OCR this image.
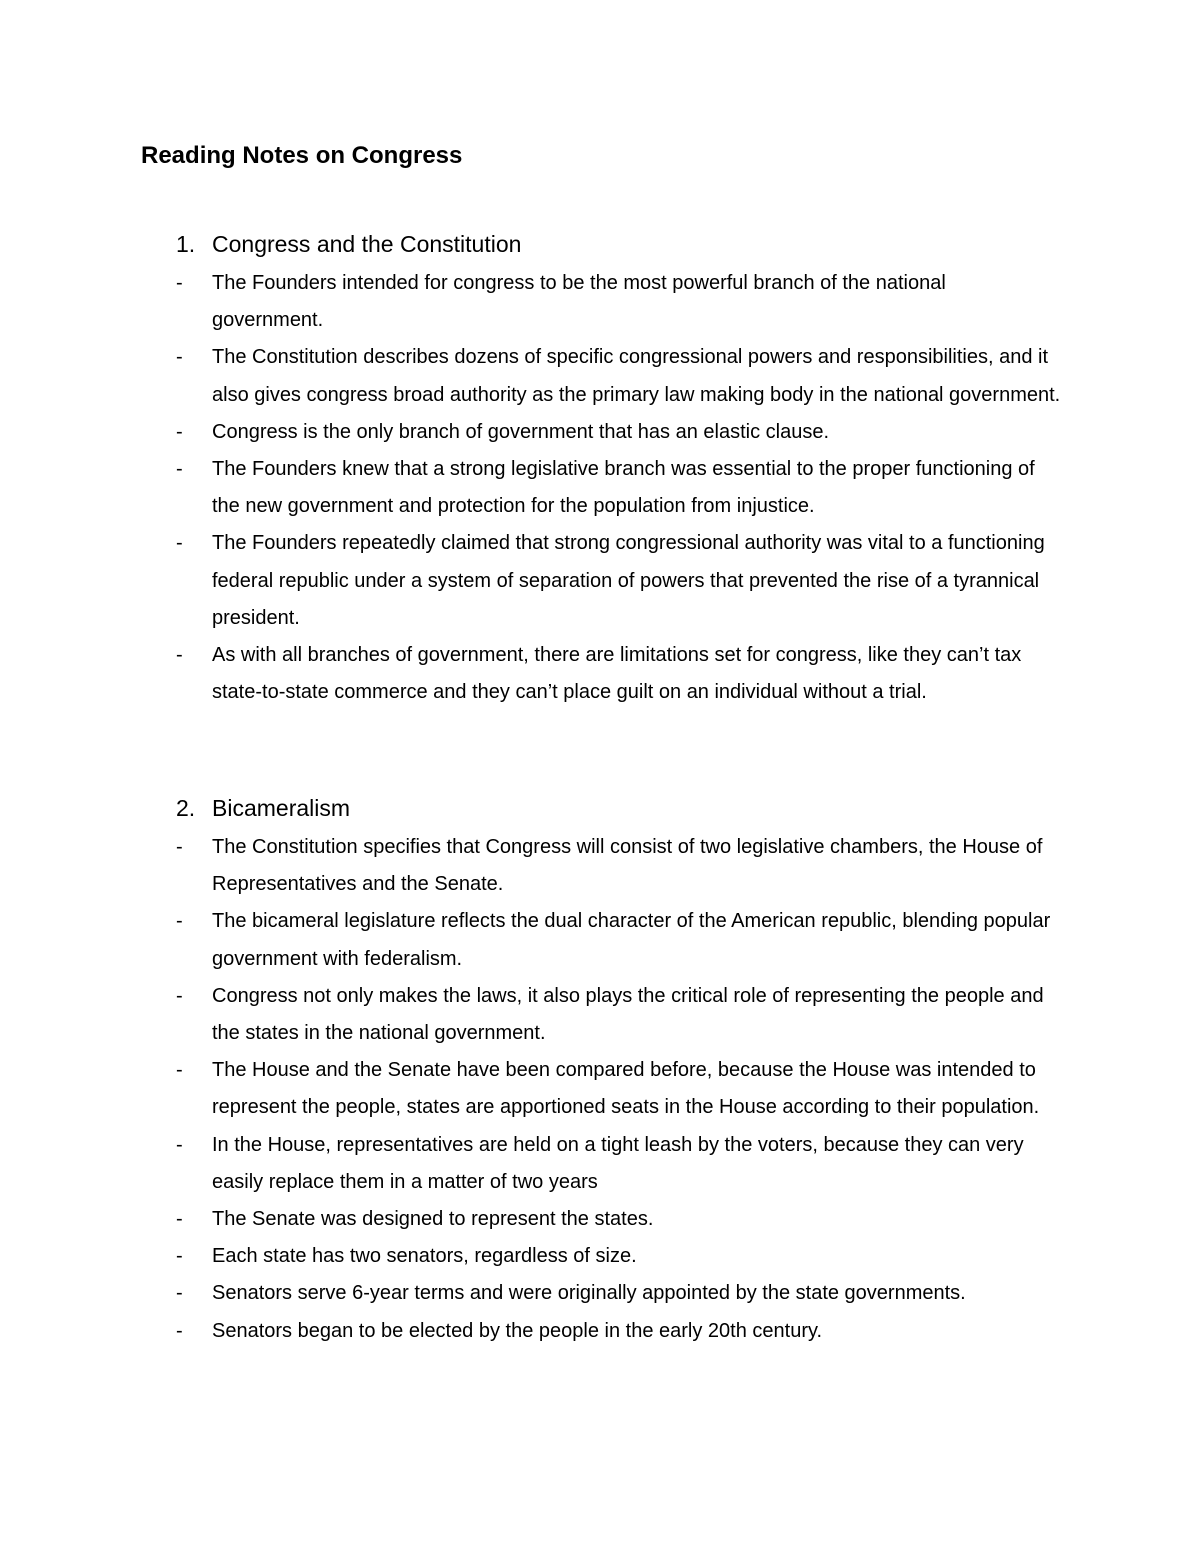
Reading Notes on Congress
1. Congress and the Constitution
- The Founders intended for congress to be the most powerful branch of the national government.
- The Constitution describes dozens of specific congressional powers and responsibilities, and it also gives congress broad authority as the primary law making body in the national government.
- Congress is the only branch of government that has an elastic clause.
- The Founders knew that a strong legislative branch was essential to the proper functioning of the new government and protection for the population from injustice.
- The Founders repeatedly claimed that strong congressional authority was vital to a functioning federal republic under a system of separation of powers that prevented the rise of a tyrannical president.
- As with all branches of government, there are limitations set for congress, like they can’t tax state-to-state commerce and they can’t place guilt on an individual without a trial.
2. Bicameralism
- The Constitution specifies that Congress will consist of two legislative chambers, the House of Representatives and the Senate.
- The bicameral legislature reflects the dual character of the American republic, blending popular government with federalism.
- Congress not only makes the laws, it also plays the critical role of representing the people and the states in the national government.
- The House and the Senate have been compared before, because the House was intended to represent the people, states are apportioned seats in the House according to their population.
- In the House, representatives are held on a tight leash by the voters, because they can very easily replace them in a matter of two years
- The Senate was designed to represent the states.
- Each state has two senators, regardless of size.
- Senators serve 6-year terms and were originally appointed by the state governments.
- Senators began to be elected by the people in the early 20th century.
